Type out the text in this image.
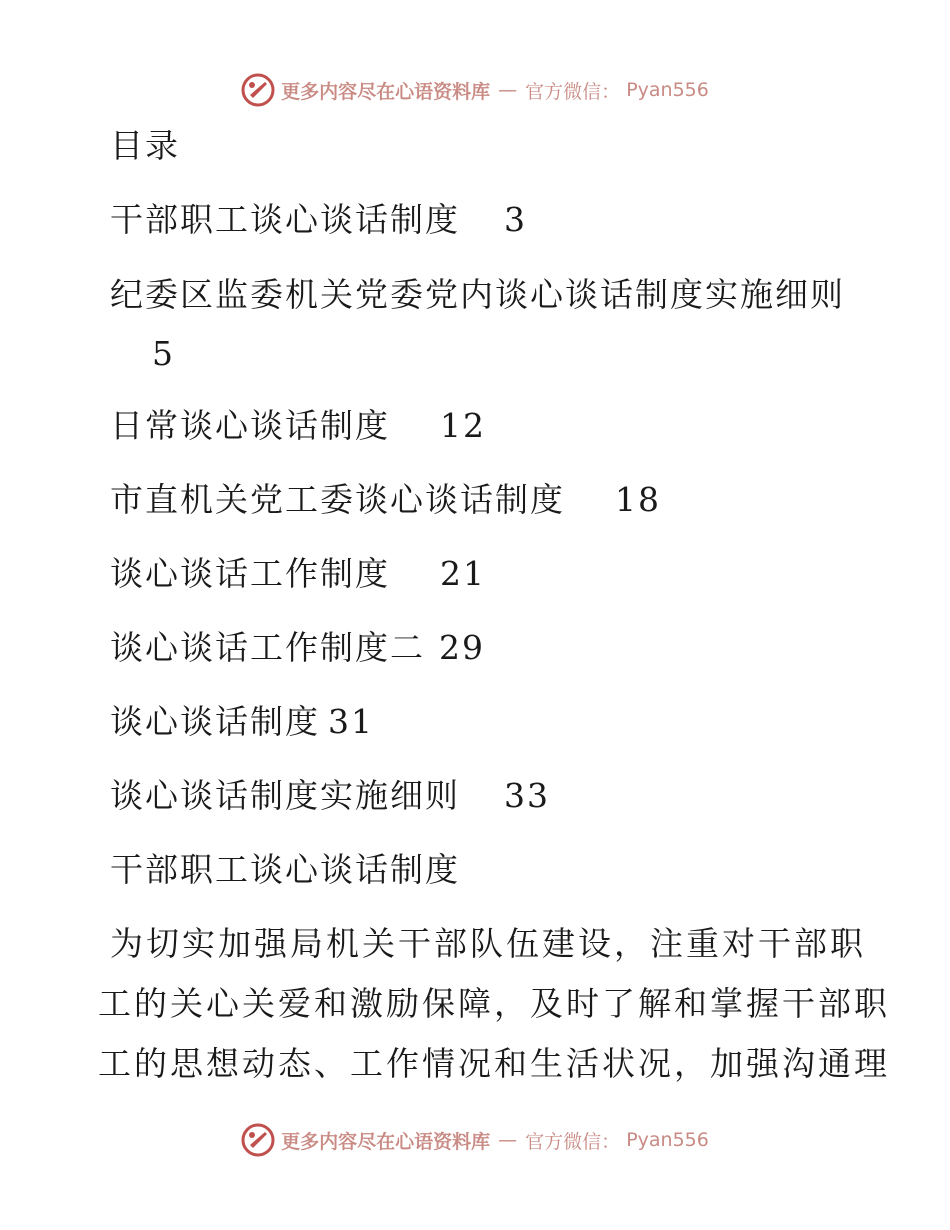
更多内容尽在心语资料库 — 官方微信： Pyan556
目录
干部职工谈心谈话制度 3
纪委区监委机关党委党内谈心谈话制度实施细则
5
日常谈心谈话制度 12
市直机关党工委谈心谈话制度 18
谈心谈话工作制度 21
谈心谈话工作制度二 29
谈心谈话制度 31
谈心谈话制度实施细则 33
干部职工谈心谈话制度
为切实加强局机关干部队伍建设，注重对干部职
工的关心关爱和激励保障，及时了解和掌握干部职
工的思想动态、工作情况和生活状况，加强沟通理
更多内容尽在心语资料库 — 官方微信： Pyan556
